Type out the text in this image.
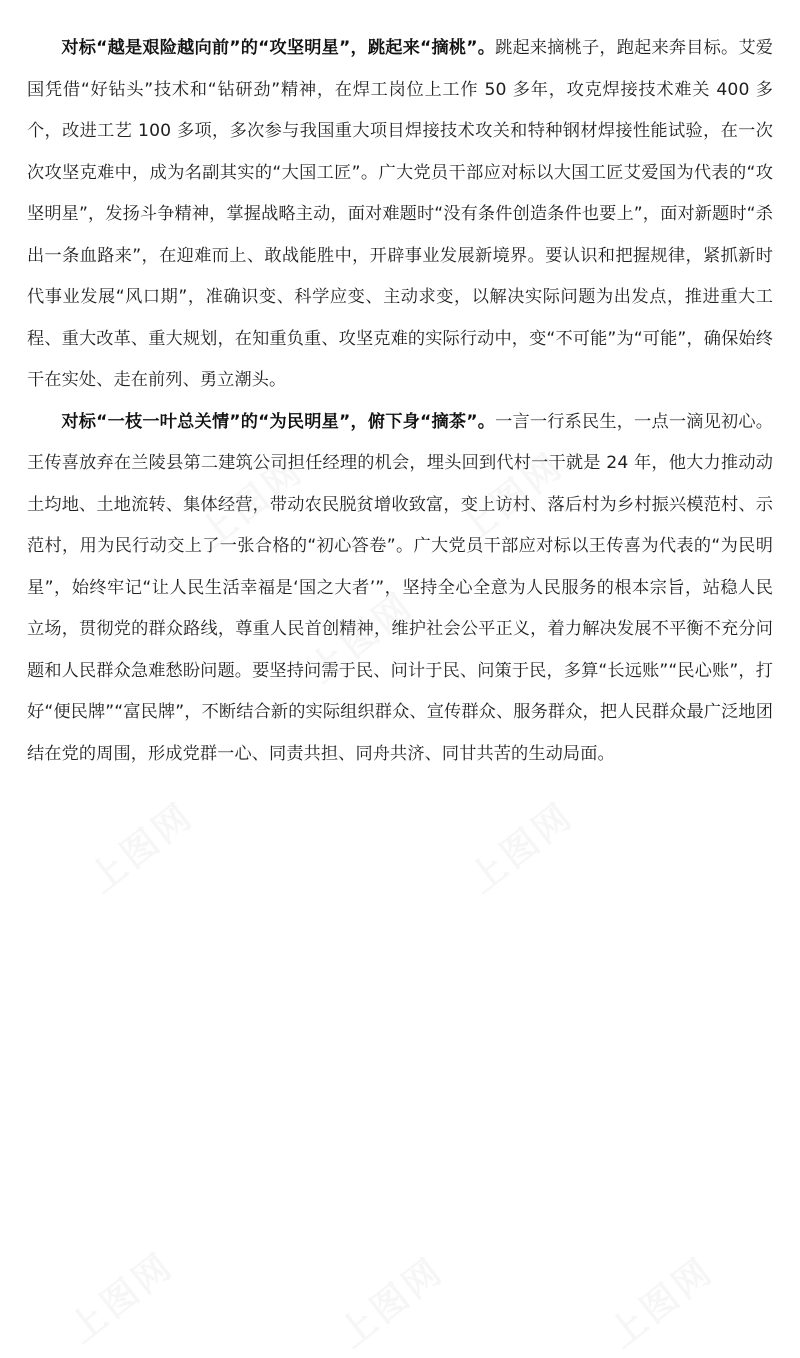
对标“越是艰险越向前”的“攻坚明星”，跳起来“摘桃”。跳起来摘桃子，跑起来奔目标。艾爱国凭借“好钻头”技术和“钻研劲”精神，在焊工岗位上工作 50 多年，攻克焊接技术难关 400 多个，改进工艺 100 多项，多次参与我国重大项目焊接技术攻关和特种钢材焊接性能试验，在一次次攻坚克难中，成为名副其实的“大国工匠”。广大党员干部应对标以大国工匠艾爱国为代表的“攻坚明星”，发扬斗争精神，掌握战略主动，面对难题时“没有条件创造条件也要上”，面对新题时“杀出一条血路来”，在迎难而上、敢战能胜中，开辟事业发展新境界。要认识和把握规律，紧抓新时代事业发展“风口期”，准确识变、科学应变、主动求变，以解决实际问题为出发点，推进重大工程、重大改革、重大规划，在知重负重、攻坚克难的实际行动中，变“不可能”为“可能”，确保始终干在实处、走在前列、勇立潮头。

对标“一枝一叶总关情”的“为民明星”，俯下身“摘茶”。一言一行系民生，一点一滴见初心。王传喜放弃在兰陵县第二建筑公司担任经理的机会，埋头回到代村一干就是 24 年，他大力推动动土均地、土地流转、集体经营，带动农民脱贫增收致富，变上访村、落后村为乡村振兴模范村、示范村，用为民行动交上了一张合格的“初心答卷”。广大党员干部应对标以王传喜为代表的“为民明星”，始终牢记“让人民生活幸福是‘国之大者’”，坚持全心全意为人民服务的根本宗旨，站稳人民立场，贯彻党的群众路线，尊重人民首创精神，维护社会公平正义，着力解决发展不平衡不充分问题和人民群众急难愁盼问题。要坚持问需于民、问计于民、问策于民，多算“长远账”“民心账”，打好“便民牌”“富民牌”，不断结合新的实际组织群众、宣传群众、服务群众，把人民群众最广泛地团结在党的周围，形成党群一心、同责共担、同舟共济、同甘共苦的生动局面。

上图网	上图网
上图网
上图网	上图网
上图网	上图网	上图网
